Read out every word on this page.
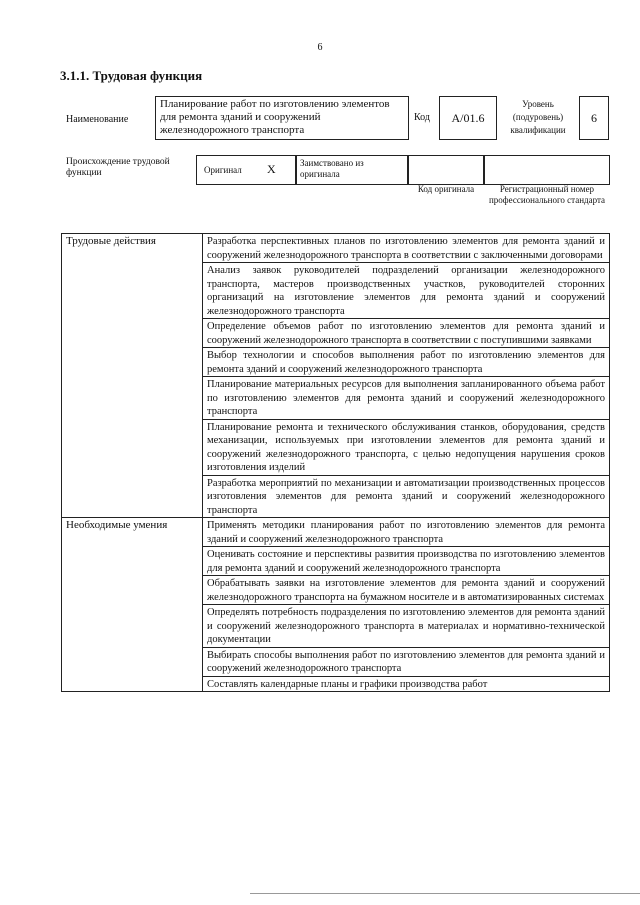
6
3.1.1. Трудовая функция
Наименование
Планирование работ по изготовлению элементов для ремонта зданий и сооружений железнодорожного транспорта
Код	А/01.6
Уровень (подуровень) квалификации
6
Происхождение трудовой функции	Оригинал X	Заимствовано из оригинала
Код оригинала	Регистрационный номер профессионального стандарта
Трудовые действия	Разработка перспективных планов по изготовлению элементов для ремонта зданий и сооружений железнодорожного транспорта в соответствии с заключенными договорами
	Анализ заявок руководителей подразделений организации железнодорожного транспорта, мастеров производственных участков, руководителей сторонних организаций на изготовление элементов для ремонта зданий и сооружений железнодорожного транспорта
	Определение объемов работ по изготовлению элементов для ремонта зданий и сооружений железнодорожного транспорта в соответствии с поступившими заявками
	Выбор технологии и способов выполнения работ по изготовлению элементов для ремонта зданий и сооружений железнодорожного транспорта
	Планирование материальных ресурсов для выполнения запланированного объема работ по изготовлению элементов для ремонта зданий и сооружений железнодорожного транспорта
	Планирование ремонта и технического обслуживания станков, оборудования, средств механизации, используемых при изготовлении элементов для ремонта зданий и сооружений железнодорожного транспорта, с целью недопущения нарушения сроков изготовления изделий
	Разработка мероприятий по механизации и автоматизации производственных процессов изготовления элементов для ремонта зданий и сооружений железнодорожного транспорта
Необходимые умения	Применять методики планирования работ по изготовлению элементов для ремонта зданий и сооружений железнодорожного транспорта
	Оценивать состояние и перспективы развития производства по изготовлению элементов для ремонта зданий и сооружений железнодорожного транспорта
	Обрабатывать заявки на изготовление элементов для ремонта зданий и сооружений железнодорожного транспорта на бумажном носителе и в автоматизированных системах
	Определять потребность подразделения по изготовлению элементов для ремонта зданий и сооружений железнодорожного транспорта в материалах и нормативно-технической документации
	Выбирать способы выполнения работ по изготовлению элементов для ремонта зданий и сооружений железнодорожного транспорта
	Составлять календарные планы и графики производства работ
